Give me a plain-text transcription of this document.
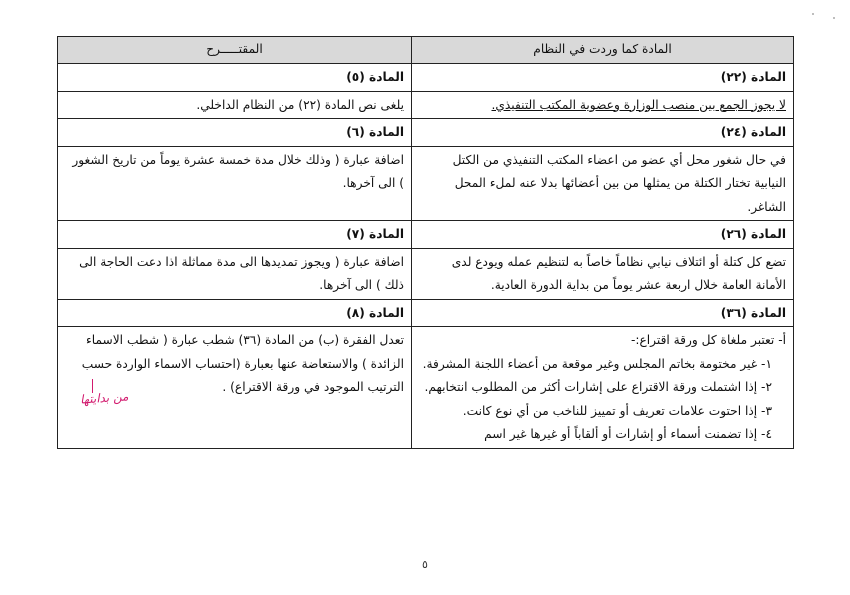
المادة كما وردت في النظام	المقتـــــرح
المادة (٢٢)	المادة (٥)
لا يجوز الجمع بين منصب الوزارة وعضوية المكتب التنفيذي.	يلغى نص المادة (٢٢) من النظام الداخلي.
المادة (٢٤)	المادة (٦)
في حال شغور محل أي عضو من اعضاء المكتب التنفيذي من الكتل النيابية تختار الكتلة من يمثلها من بين أعضائها بدلا عنه لملء المحل الشاغر.	اضافة عبارة ( وذلك خلال مدة خمسة عشرة يوماً من تاريخ الشغور ) الى آخرها.
المادة (٢٦)	المادة (٧)
تضع كل كتلة أو ائتلاف نيابي نظاماً خاصاً به لتنظيم عمله ويودع لدى الأمانة العامة خلال اربعة عشر يوماً من بداية الدورة العادية.	اضافة عبارة ( ويجوز تمديدها الى مدة مماثلة اذا دعت الحاجة الى ذلك ) الى آخرها.
المادة (٣٦)	المادة (٨)

أ- تعتبر ملغاة كل ورقة اقتراع:-
١- غير مختومة بخاتم المجلس وغير موقعة من أعضاء اللجنة المشرفة.
٢- إذا اشتملت ورقة الاقتراع على إشارات أكثر من المطلوب انتخابهم.
٣- إذا احتوت علامات تعريف أو تمييز للناخب من أي نوع كانت.
٤- إذا تضمنت أسماء أو إشارات أو ألقاباً أو غيرها غير اسم	تعدل الفقرة (ب) من المادة (٣٦) شطب عبارة ( شطب الاسماء الزائدة ) والاستعاضة عنها بعبارة (احتساب الاسماء الواردة حسب الترتيب الموجود في ورقة الاقتراع) .
من بدايتها
٥
